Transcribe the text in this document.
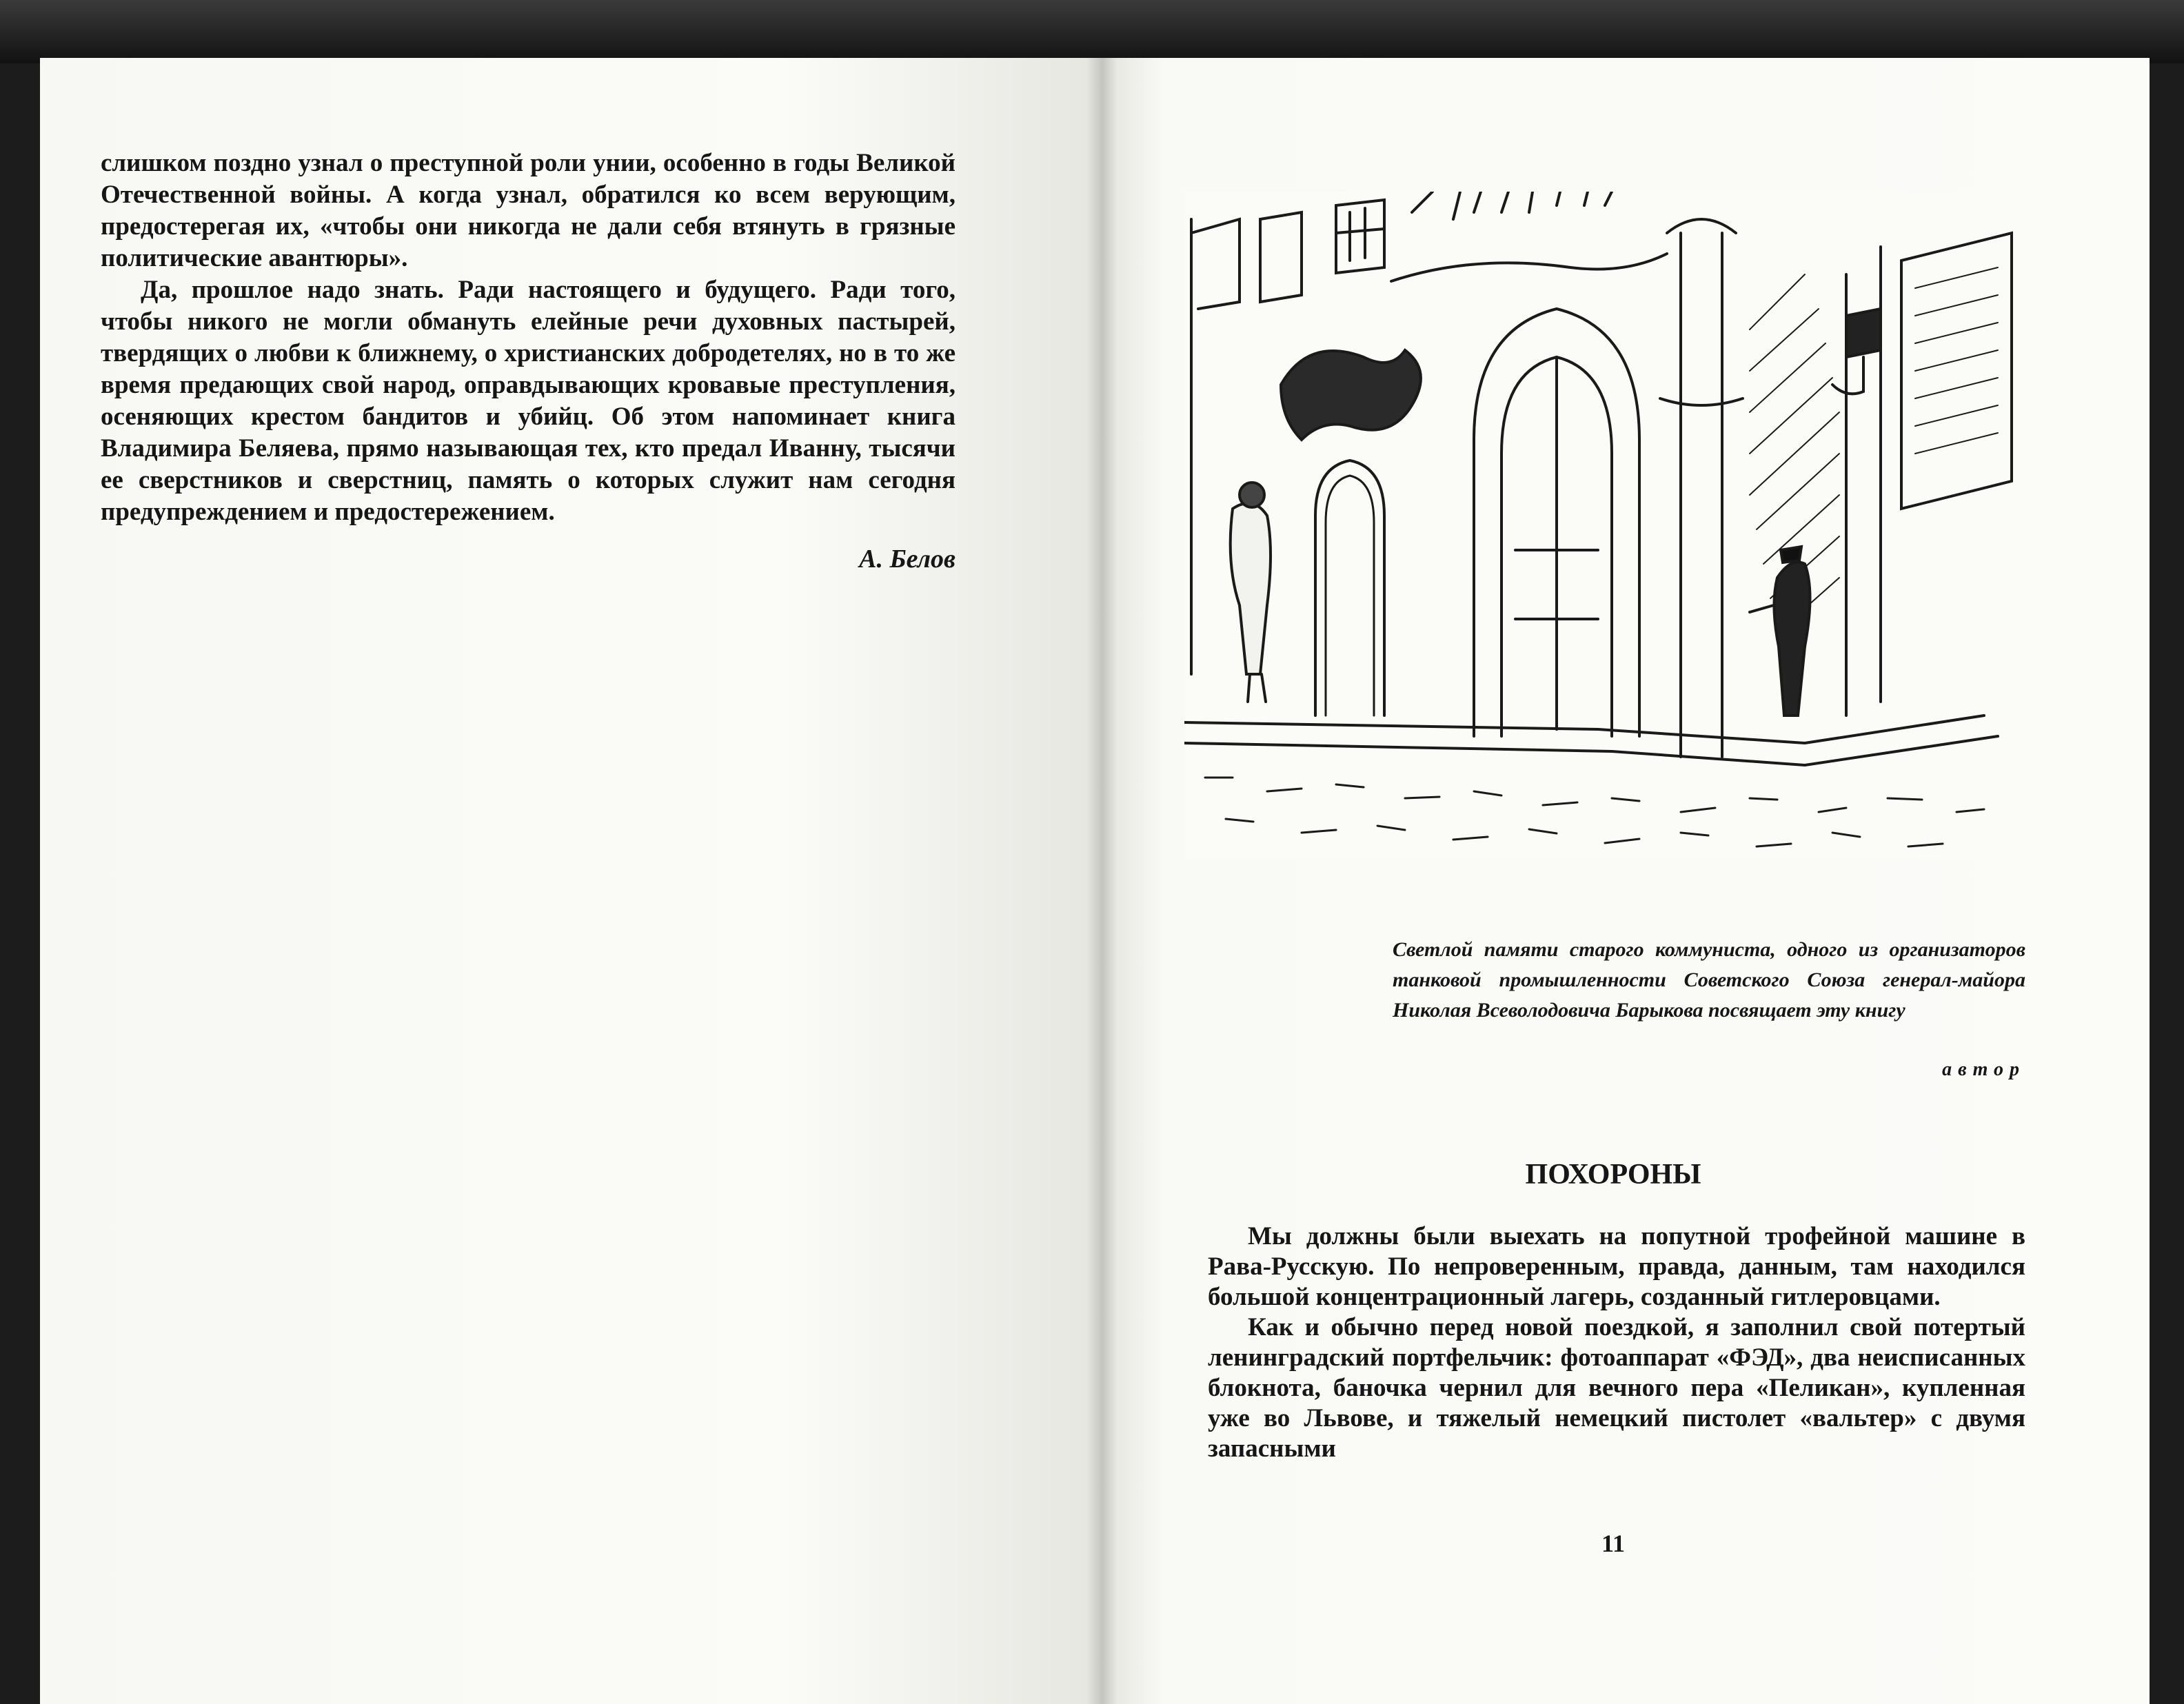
слишком поздно узнал о преступной роли унии, особенно в годы Великой Отечественной войны. А когда узнал, обратился ко всем верующим, предостерегая их, «чтобы они никогда не дали себя втянуть в грязные политические авантюры».

Да, прошлое надо знать. Ради настоящего и будущего. Ради того, чтобы никого не могли обмануть елейные речи духовных пастырей, твердящих о любви к ближнему, о христианских добродетелях, но в то же время предающих свой народ, оправдывающих кровавые преступления, осеняющих крестом бандитов и убийц. Об этом напоминает книга Владимира Беляева, прямо называющая тех, кто предал Иванну, тысячи ее сверстников и сверстниц, память о которых служит нам сегодня предупреждением и предостережением.

А. Белов
Светлой памяти старого коммуниста, одного из организаторов танковой промышленности Советского Союза генерал-майора Николая Всеволодовича Барыкова посвящает эту книгу
автор
ПОХОРОНЫ

Мы должны были выехать на попутной трофейной машине в Рава-Русскую. По непроверенным, правда, данным, там находился большой концентрационный лагерь, созданный гитлеровцами.

Как и обычно перед новой поездкой, я заполнил свой потертый ленинградский портфельчик: фотоаппарат «ФЭД», два неисписанных блокнота, баночка чернил для вечного пера «Пеликан», купленная уже во Львове, и тяжелый немецкий пистолет «вальтер» с двумя запасными

11
